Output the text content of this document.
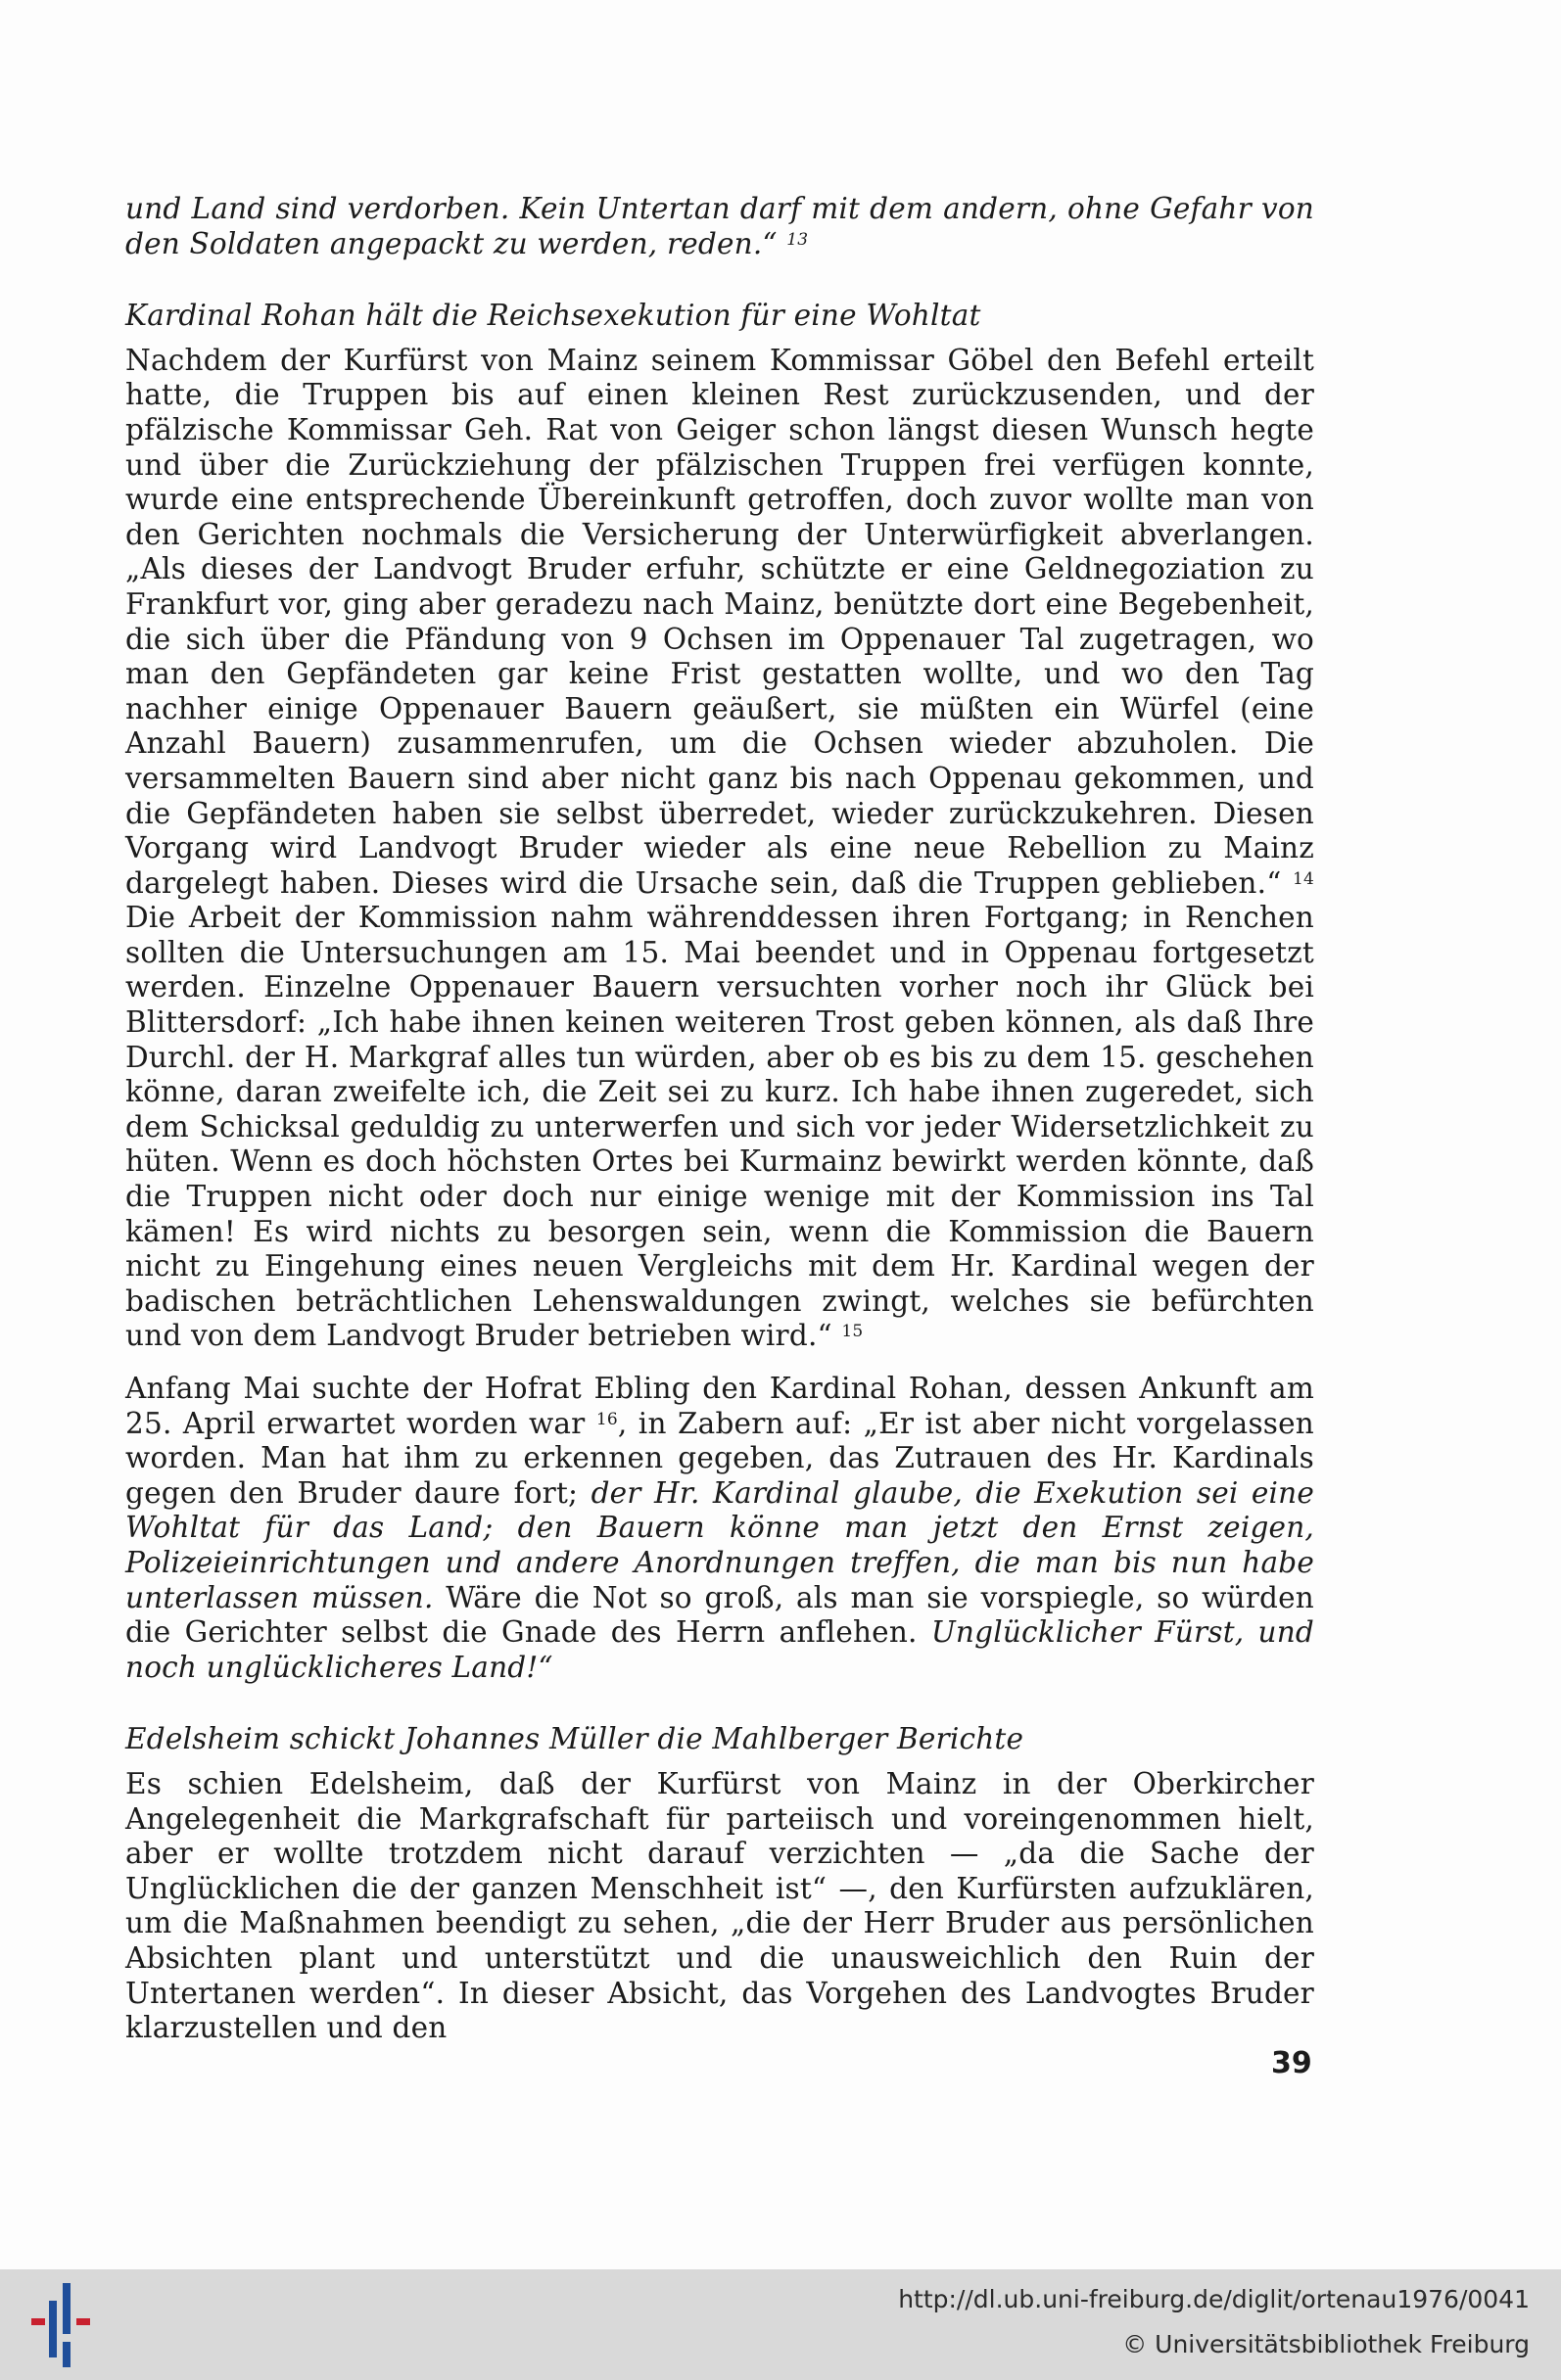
und Land sind verdorben. Kein Untertan darf mit dem andern, ohne Gefahr von den Soldaten angepackt zu werden, reden.“ $^{13}$

Kardinal Rohan hält die Reichsexekution für eine Wohltat

Nachdem der Kurfürst von Mainz seinem Kommissar Göbel den Befehl erteilt hatte, die Truppen bis auf einen kleinen Rest zurückzusenden, und der pfälzische Kommissar Geh. Rat von Geiger schon längst diesen Wunsch hegte und über die Zurückziehung der pfälzischen Truppen frei verfügen konnte, wurde eine entsprechende Übereinkunft getroffen, doch zuvor wollte man von den Gerichten nochmals die Versicherung der Unterwürfigkeit abverlangen. „Als dieses der Landvogt Bruder erfuhr, schützte er eine Geldnegoziation zu Frankfurt vor, ging aber geradezu nach Mainz, benützte dort eine Begebenheit, die sich über die Pfändung von 9 Ochsen im Oppenauer Tal zugetragen, wo man den Gepfändeten gar keine Frist gestatten wollte, und wo den Tag nachher einige Oppenauer Bauern geäußert, sie müßten ein Würfel (eine Anzahl Bauern) zusammenrufen, um die Ochsen wieder abzuholen. Die versammelten Bauern sind aber nicht ganz bis nach Oppenau gekommen, und die Gepfändeten haben sie selbst überredet, wieder zurückzukehren. Diesen Vorgang wird Landvogt Bruder wieder als eine neue Rebellion zu Mainz dargelegt haben. Dieses wird die Ursache sein, daß die Truppen geblieben.“ $^{14}$ Die Arbeit der Kommission nahm währenddessen ihren Fortgang; in Renchen sollten die Untersuchungen am 15. Mai beendet und in Oppenau fortgesetzt werden. Einzelne Oppenauer Bauern versuchten vorher noch ihr Glück bei Blittersdorf: „Ich habe ihnen keinen weiteren Trost geben können, als daß Ihre Durchl. der H. Markgraf alles tun würden, aber ob es bis zu dem 15. geschehen könne, daran zweifelte ich, die Zeit sei zu kurz. Ich habe ihnen zugeredet, sich dem Schicksal geduldig zu unterwerfen und sich vor jeder Widersetzlichkeit zu hüten. Wenn es doch höchsten Ortes bei Kurmainz bewirkt werden könnte, daß die Truppen nicht oder doch nur einige wenige mit der Kommission ins Tal kämen! Es wird nichts zu besorgen sein, wenn die Kommission die Bauern nicht zu Eingehung eines neuen Vergleichs mit dem Hr. Kardinal wegen der badischen beträchtlichen Lehenswaldungen zwingt, welches sie befürchten und von dem Landvogt Bruder betrieben wird.“ $^{15}$

Anfang Mai suchte der Hofrat Ebling den Kardinal Rohan, dessen Ankunft am 25. April erwartet worden war $^{16}$, in Zabern auf: „Er ist aber nicht vorgelassen worden. Man hat ihm zu erkennen gegeben, das Zutrauen des Hr. Kardinals gegen den Bruder daure fort; der Hr. Kardinal glaube, die Exekution sei eine Wohltat für das Land; den Bauern könne man jetzt den Ernst zeigen, Polizeieinrichtungen und andere Anordnungen treffen, die man bis nun habe unterlassen müssen. Wäre die Not so groß, als man sie vorspiegle, so würden die Gerichter selbst die Gnade des Herrn anflehen. Unglücklicher Fürst, und noch unglücklicheres Land!“

Edelsheim schickt Johannes Müller die Mahlberger Berichte

Es schien Edelsheim, daß der Kurfürst von Mainz in der Oberkircher Angelegenheit die Markgrafschaft für parteiisch und voreingenommen hielt, aber er wollte trotzdem nicht darauf verzichten — „da die Sache der Unglücklichen die der ganzen Menschheit ist“ —, den Kurfürsten aufzuklären, um die Maßnahmen beendigt zu sehen, „die der Herr Bruder aus persönlichen Absichten plant und unterstützt und die unausweichlich den Ruin der Untertanen werden“. In dieser Absicht, das Vorgehen des Landvogtes Bruder klarzustellen und den

39
http://dl.ub.uni-freiburg.de/diglit/ortenau1976/0041
© Universitätsbibliothek Freiburg
